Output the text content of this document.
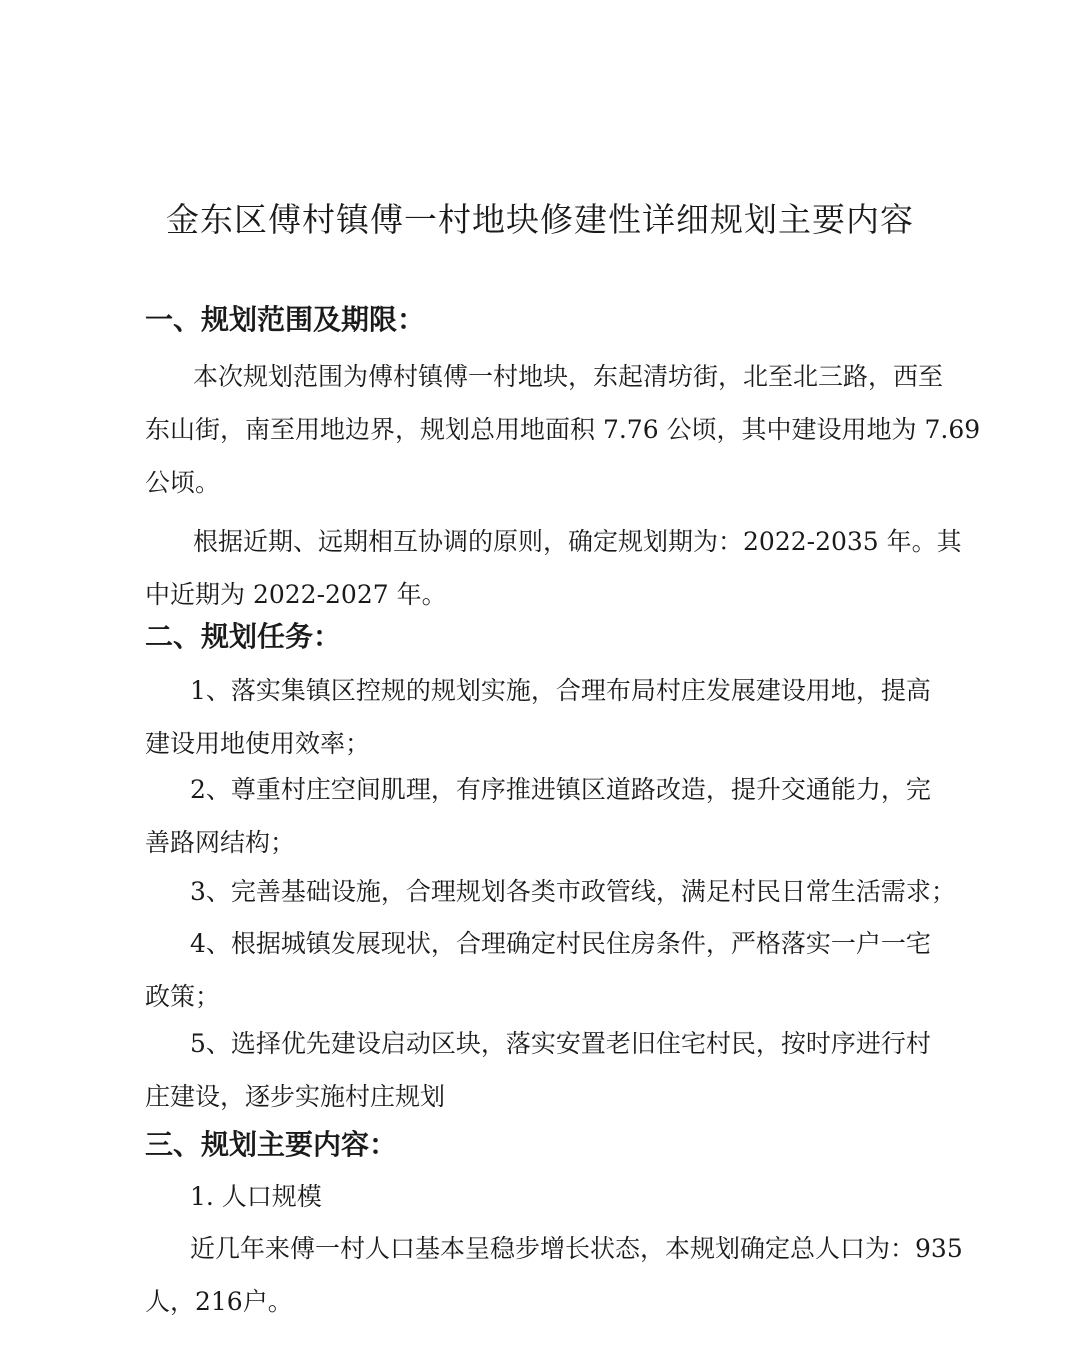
金东区傅村镇傅一村地块修建性详细规划主要内容
一、规划范围及期限：
本次规划范围为傅村镇傅一村地块，东起清坊街，北至北三路，西至
东山街，南至用地边界，规划总用地面积 7.76 公顷，其中建设用地为 7.69
公顷。
根据近期、远期相互协调的原则，确定规划期为：2022-2035 年。其
中近期为 2022-2027 年。
二、规划任务：
1、落实集镇区控规的规划实施，合理布局村庄发展建设用地，提高
建设用地使用效率；
2、尊重村庄空间肌理，有序推进镇区道路改造，提升交通能力，完
善路网结构；
3、完善基础设施，合理规划各类市政管线，满足村民日常生活需求；
4、根据城镇发展现状，合理确定村民住房条件，严格落实一户一宅
政策；
5、选择优先建设启动区块，落实安置老旧住宅村民，按时序进行村
庄建设，逐步实施村庄规划
三、规划主要内容：
1. 人口规模
近几年来傅一村人口基本呈稳步增长状态，本规划确定总人口为：935
人，216户。
